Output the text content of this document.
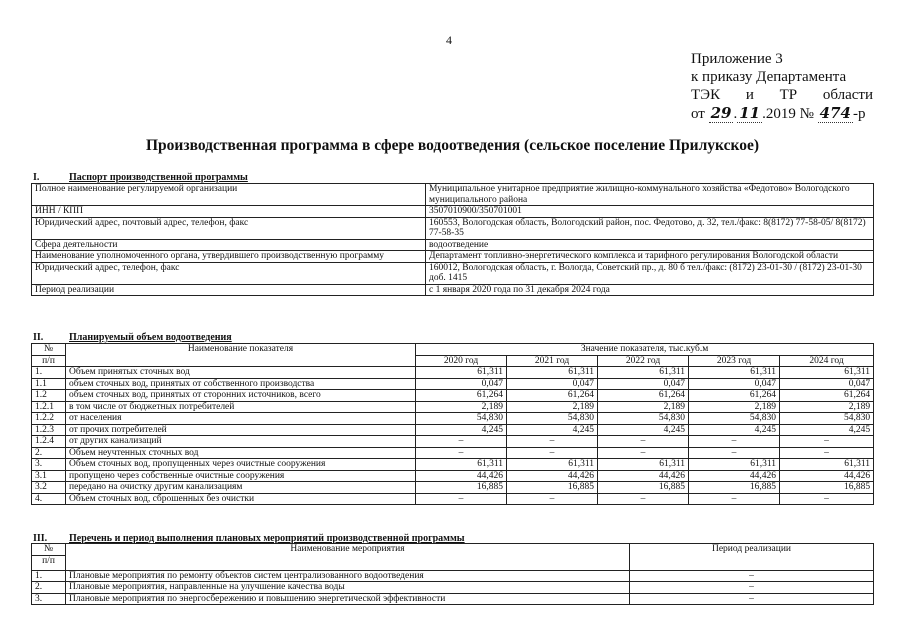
4
Приложение 3
к приказу Департамента
ТЭК и ТР области
от 29 . 11 .2019 № 474 -р
Производственная программа в сфере водоотведения (сельское поселение Прилукское)
I.	Паспорт производственной программы
Полное наименование регулируемой организации	Муниципальное унитарное предприятие жилищно-коммунального хозяйства «Федотово» Вологодского муниципального района
ИНН / КПП	3507010900/350701001
Юридический адрес, почтовый адрес, телефон, факс	160553, Вологодская область, Вологодский район, пос. Федотово, д. 32, тел./факс: 8(8172) 77-58-05/ 8(8172) 77-58-35
Сфера деятельности	водоотведение
Наименование уполномоченного органа, утвердившего производственную программу	Департамент топливно-энергетического комплекса и тарифного регулирования Вологодской области
Юридический адрес, телефон, факс	160012, Вологодская область, г. Вологда, Советский пр., д. 80 б тел./факс: (8172) 23-01-30 / (8172) 23-01-30 доб. 1415
Период реализации	с 1 января 2020 года по 31 декабря 2024 года
II.	Планируемый объем водоотведения
№	Наименование показателя	Значение показателя, тыс.куб.м				
п/п		2020 год	2021 год	2022 год	2023 год	2024 год
1.	Объем принятых сточных вод	61,311	61,311	61,311	61,311	61,311
1.1	объем сточных вод, принятых от собственного производства	0,047	0,047	0,047	0,047	0,047
1.2	объем сточных вод, принятых от сторонних источников, всего	61,264	61,264	61,264	61,264	61,264
1.2.1	в том числе от бюджетных потребителей	2,189	2,189	2,189	2,189	2,189
1.2.2	от населения	54,830	54,830	54,830	54,830	54,830
1.2.3	от прочих потребителей	4,245	4,245	4,245	4,245	4,245
1.2.4	от других канализаций	–	–	–	–	–
2.	Объем неучтенных сточных вод	–	–	–	–	–
3.	Объем сточных вод, пропущенных через очистные сооружения	61,311	61,311	61,311	61,311	61,311
3.1	пропущено через собственные очистные сооружения	44,426	44,426	44,426	44,426	44,426
3.2	передано на очистку другим канализациям	16,885	16,885	16,885	16,885	16,885
4.	Объем сточных вод, сброшенных без очистки	–	–	–	–	–
III. Перечень и период выполнения плановых мероприятий производственной программы
№	Наименование мероприятия	Период реализации
п/п		
1.	Плановые мероприятия по ремонту объектов систем централизованного водоотведения	–
2.	Плановые мероприятия, направленные на улучшение качества воды	–
3.	Плановые мероприятия по энергосбережению и повышению энергетической эффективности	–
